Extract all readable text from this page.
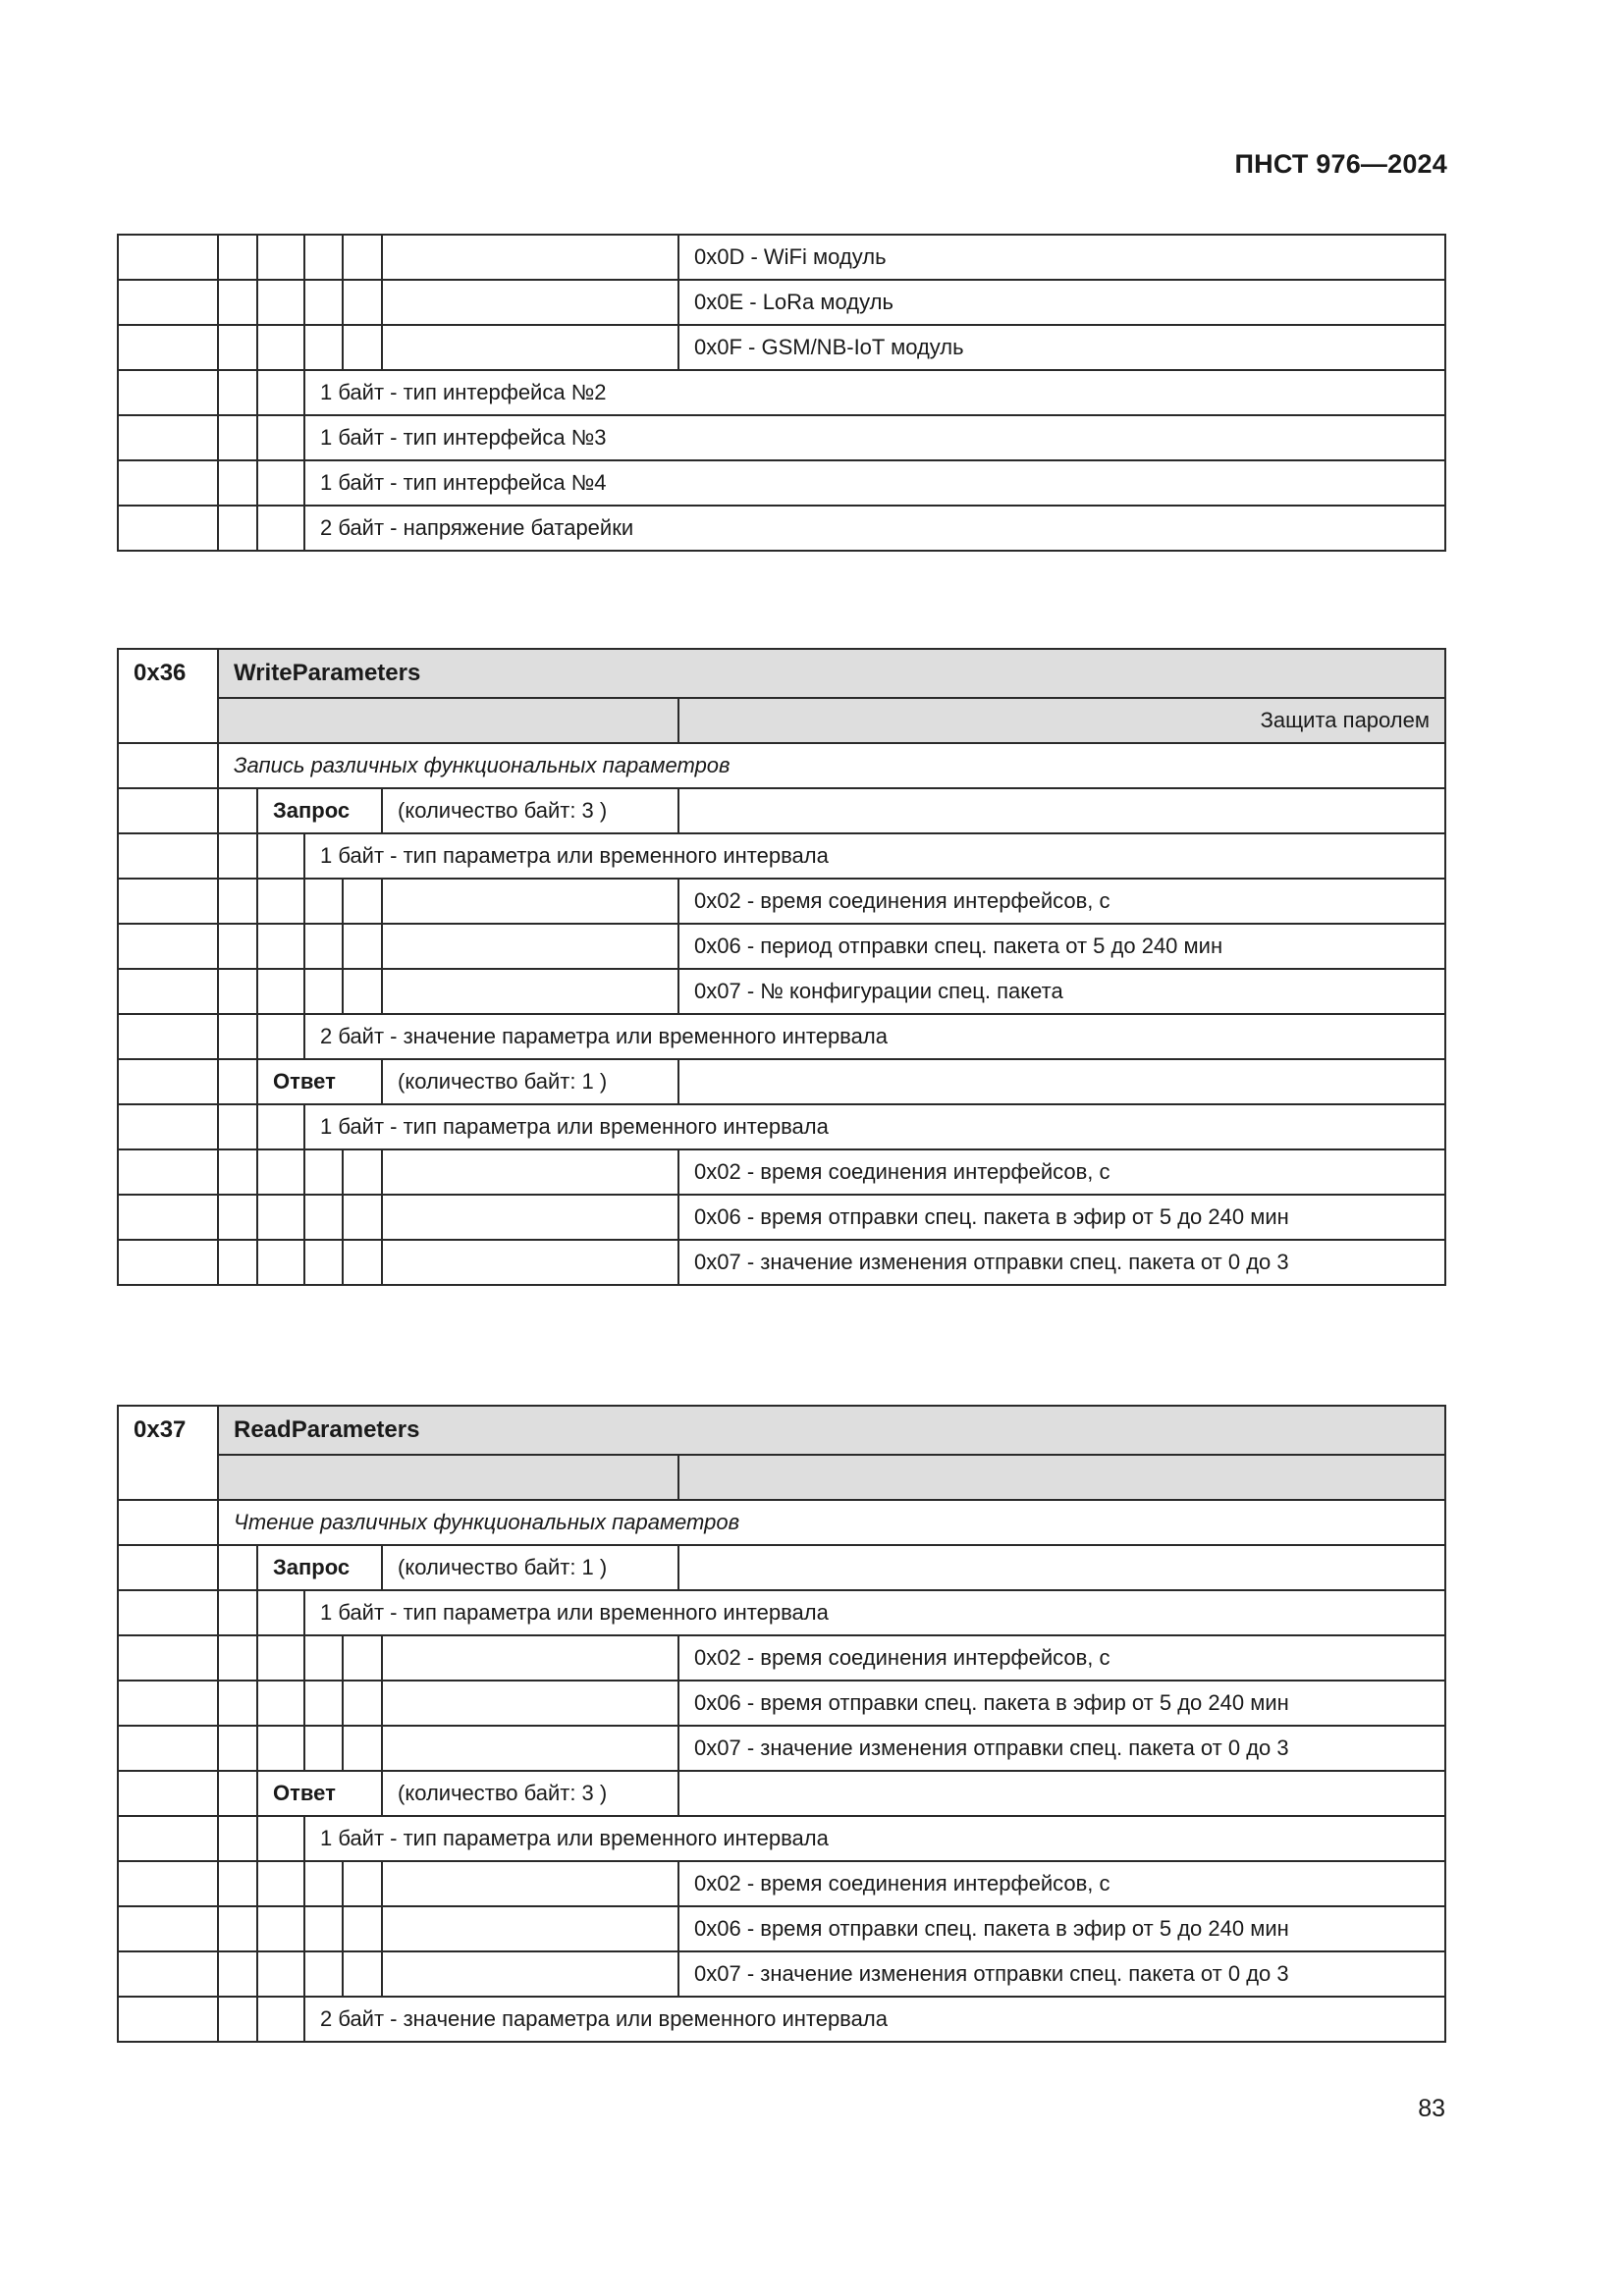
ПНСТ 976—2024
						0x0D - WiFi модуль
						0x0E - LoRa модуль
						0x0F - GSM/NB-IoT модуль
			1 байт - тип интерфейса №2			
			1 байт - тип интерфейса №3			
			1 байт - тип интерфейса №4			
			2 байт - напряжение батарейки			
0x36	WriteParameters					
						Защита паролем
	Запись различных функциональных параметров					
		Запрос			(количество байт: 3 )	
			1 байт - тип параметра или временного интервала			
						0x02 - время соединения интерфейсов, с
						0x06 - период отправки спец. пакета от 5 до 240 мин
						0x07 - № конфигурации спец. пакета
			2 байт - значение параметра или временного интервала			
		Ответ			(количество байт: 1 )	
			1 байт - тип параметра или временного интервала			
						0x02 - время соединения интерфейсов, с
						0x06 - время отправки спец. пакета в эфир от 5 до 240 мин
						0x07 - значение изменения отправки спец. пакета от 0 до 3
0x37	ReadParameters					

	Чтение различных функциональных параметров					
		Запрос			(количество байт: 1 )	
			1 байт - тип параметра или временного интервала			
						0x02 - время соединения интерфейсов, с
						0x06 - время отправки спец. пакета в эфир от 5 до 240 мин
						0x07 - значение изменения отправки спец. пакета от 0 до 3
		Ответ			(количество байт: 3 )	
			1 байт - тип параметра или временного интервала			
						0x02 - время соединения интерфейсов, с
						0x06 - время отправки спец. пакета в эфир от 5 до 240 мин
						0x07 - значение изменения отправки спец. пакета от 0 до 3
			2 байт - значение параметра или временного интервала			
83
